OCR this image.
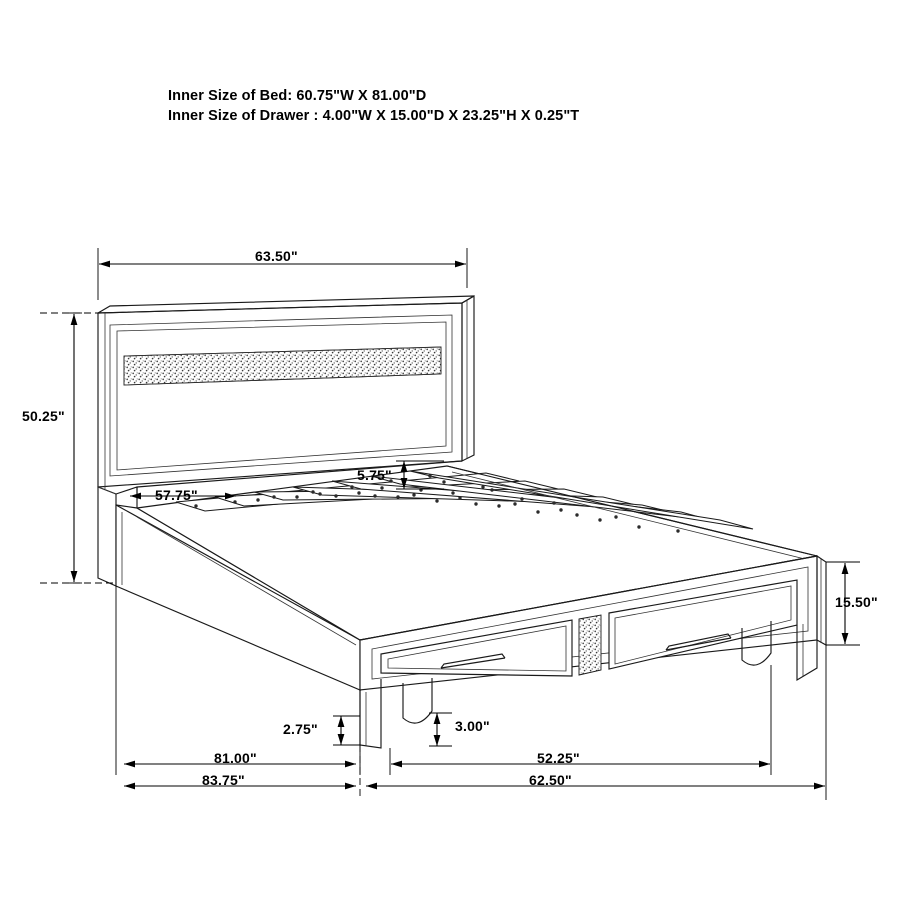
Inner Size of Bed: 60.75"W X 81.00"D
Inner Size of Drawer : 4.00"W X 15.00"D X 23.25"H X 0.25"T
63.50"
50.25"
57.75"
5.75"
15.50"
2.75"	3.00"
81.00"
83.75"
52.25"
62.50"
